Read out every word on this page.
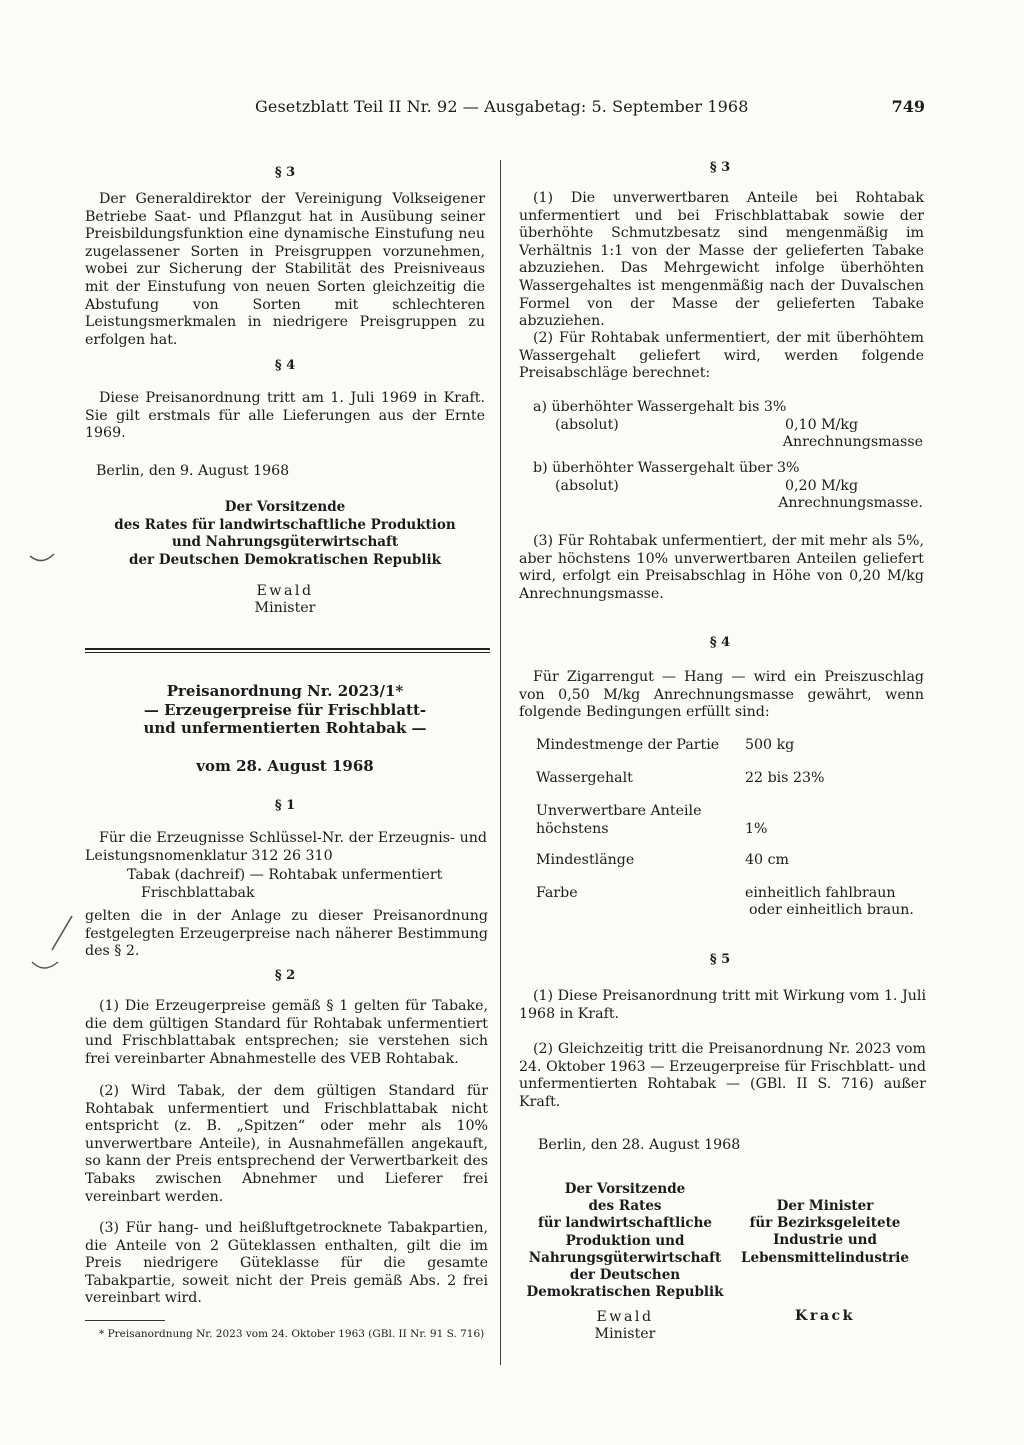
Gesetzblatt Teil II Nr. 92 — Ausgabetag: 5. September 1968	749
§ 3

Der Generaldirektor der Vereinigung Volkseigener Betriebe Saat- und Pflanzgut hat in Ausübung seiner Preisbildungsfunktion eine dynamische Einstufung neu zugelassener Sorten in Preisgruppen vorzunehmen, wobei zur Sicherung der Stabilität des Preisniveaus mit der Einstufung von neuen Sorten gleichzeitig die Abstufung von Sorten mit schlechteren Leistungsmerkmalen in niedrigere Preisgruppen zu erfolgen hat.

§ 4

Diese Preisanordnung tritt am 1. Juli 1969 in Kraft. Sie gilt erstmals für alle Lieferungen aus der Ernte 1969.

Berlin, den 9. August 1968
Der Vorsitzende
des Rates für landwirtschaftliche Produktion
und Nahrungsgüterwirtschaft
der Deutschen Demokratischen Republik
Ewald
Minister
Preisanordnung Nr. 2023/1*
— Erzeugerpreise für Frischblatt-
und unfermentierten Rohtabak —
vom 28. August 1968
§ 1

Für die Erzeugnisse Schlüssel-Nr. der Erzeugnis- und Leistungsnomenklatur 312 26 310

Tabak (dachreif) — Rohtabak unfermentiert
Frischblattabak

gelten die in der Anlage zu dieser Preisanordnung festgelegten Erzeugerpreise nach näherer Bestimmung des § 2.

§ 2

(1) Die Erzeugerpreise gemäß § 1 gelten für Tabake, die dem gültigen Standard für Rohtabak unfermentiert und Frischblattabak entsprechen; sie verstehen sich frei vereinbarter Abnahmestelle des VEB Rohtabak.

(2) Wird Tabak, der dem gültigen Standard für Rohtabak unfermentiert und Frischblattabak nicht entspricht (z. B. „Spitzen“ oder mehr als 10% unverwertbare Anteile), in Ausnahmefällen angekauft, so kann der Preis entsprechend der Verwertbarkeit des Tabaks zwischen Abnehmer und Lieferer frei vereinbart werden.

(3) Für hang- und heißluftgetrocknete Tabakpartien, die Anteile von 2 Güteklassen enthalten, gilt die im Preis niedrigere Güteklasse für die gesamte Tabakpartie, soweit nicht der Preis gemäß Abs. 2 frei vereinbart wird.

* Preisanordnung Nr. 2023 vom 24. Oktober 1963 (GBl. II Nr. 91 S. 716)

§ 3

(1) Die unverwertbaren Anteile bei Rohtabak unfermentiert und bei Frischblattabak sowie der überhöhte Schmutzbesatz sind mengenmäßig im Verhältnis 1:1 von der Masse der gelieferten Tabake abzuziehen. Das Mehrgewicht infolge überhöhten Wassergehaltes ist mengenmäßig nach der Duvalschen Formel von der Masse der gelieferten Tabake abzuziehen.

(2) Für Rohtabak unfermentiert, der mit überhöhtem Wassergehalt geliefert wird, werden folgende Preisabschläge berechnet:

a) überhöhter Wassergehalt bis 3%
(absolut)	0,10 M/kg
Anrechnungsmasse
b) überhöhter Wassergehalt über 3%
(absolut)	0,20 M/kg
Anrechnungsmasse.

(3) Für Rohtabak unfermentiert, der mit mehr als 5%, aber höchstens 10% unverwertbaren Anteilen geliefert wird, erfolgt ein Preisabschlag in Höhe von 0,20 M/kg Anrechnungsmasse.

§ 4

Für Zigarrengut — Hang — wird ein Preiszuschlag von 0,50 M/kg Anrechnungsmasse gewährt, wenn folgende Bedingungen erfüllt sind:

Mindestmenge der Partie 500 kg
Wassergehalt	22 bis 23%
Unverwertbare Anteile
höchstens	1%
Mindestlänge	40 cm
Farbe	einheitlich fahlbraun
oder einheitlich braun.
§ 5

(1) Diese Preisanordnung tritt mit Wirkung vom 1. Juli 1968 in Kraft.

(2) Gleichzeitig tritt die Preisanordnung Nr. 2023 vom 24. Oktober 1963 — Erzeugerpreise für Frischblatt- und unfermentierten Rohtabak — (GBl. II S. 716) außer Kraft.

Berlin, den 28. August 1968
Der Vorsitzende
des Rates
für landwirtschaftliche
Produktion und
Nahrungsgüterwirtschaft
der Deutschen
Demokratischen Republik
Ewald
Minister
Der Minister
für Bezirksgeleitete
Industrie und
Lebensmittelindustrie
Krack
